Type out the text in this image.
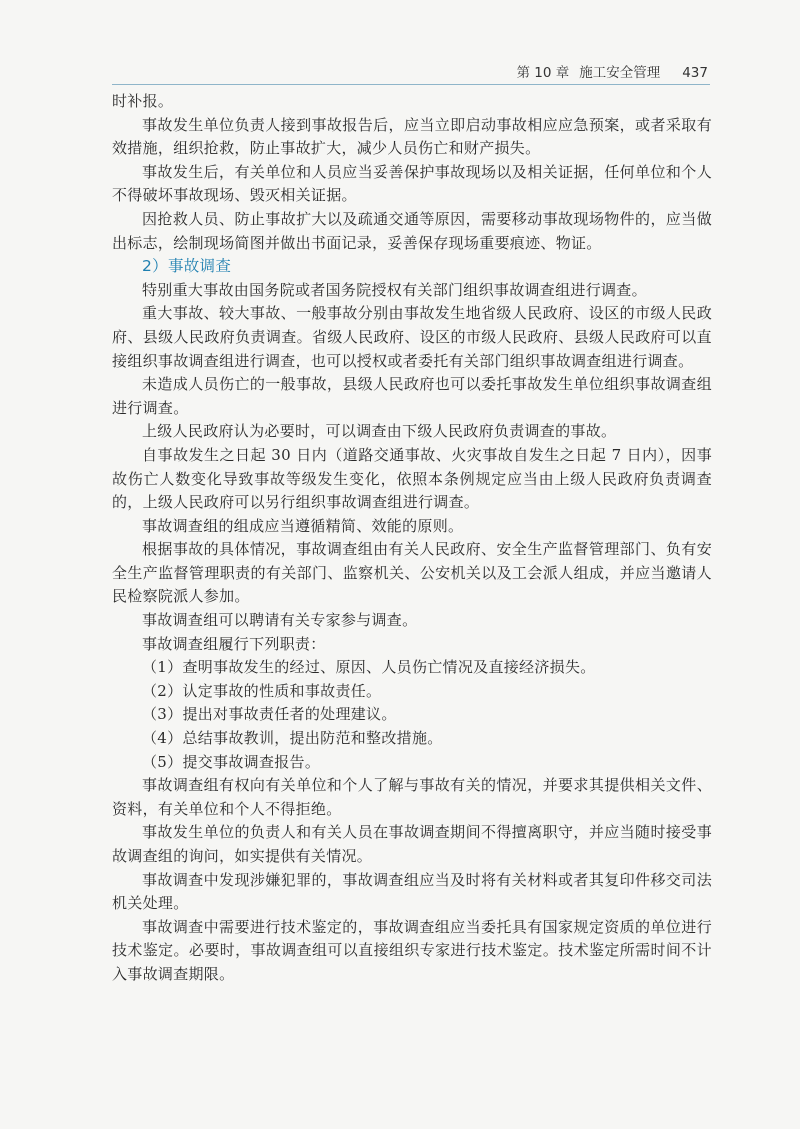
第 10 章 施工安全管理 437

时补报。

事故发生单位负责人接到事故报告后，应当立即启动事故相应应急预案，或者采取有效措施，组织抢救，防止事故扩大，减少人员伤亡和财产损失。

事故发生后，有关单位和人员应当妥善保护事故现场以及相关证据，任何单位和个人不得破坏事故现场、毁灭相关证据。

因抢救人员、防止事故扩大以及疏通交通等原因，需要移动事故现场物件的，应当做出标志，绘制现场简图并做出书面记录，妥善保存现场重要痕迹、物证。

2）事故调查

特别重大事故由国务院或者国务院授权有关部门组织事故调查组进行调查。

重大事故、较大事故、一般事故分别由事故发生地省级人民政府、设区的市级人民政府、县级人民政府负责调查。省级人民政府、设区的市级人民政府、县级人民政府可以直接组织事故调查组进行调查，也可以授权或者委托有关部门组织事故调查组进行调查。

未造成人员伤亡的一般事故，县级人民政府也可以委托事故发生单位组织事故调查组进行调查。

上级人民政府认为必要时，可以调查由下级人民政府负责调查的事故。

自事故发生之日起 30 日内（道路交通事故、火灾事故自发生之日起 7 日内），因事故伤亡人数变化导致事故等级发生变化，依照本条例规定应当由上级人民政府负责调查的，上级人民政府可以另行组织事故调查组进行调查。

事故调查组的组成应当遵循精简、效能的原则。

根据事故的具体情况，事故调查组由有关人民政府、安全生产监督管理部门、负有安全生产监督管理职责的有关部门、监察机关、公安机关以及工会派人组成，并应当邀请人民检察院派人参加。

事故调查组可以聘请有关专家参与调查。

事故调查组履行下列职责：

（1）查明事故发生的经过、原因、人员伤亡情况及直接经济损失。

（2）认定事故的性质和事故责任。

（3）提出对事故责任者的处理建议。

（4）总结事故教训，提出防范和整改措施。

（5）提交事故调查报告。

事故调查组有权向有关单位和个人了解与事故有关的情况，并要求其提供相关文件、资料，有关单位和个人不得拒绝。

事故发生单位的负责人和有关人员在事故调查期间不得擅离职守，并应当随时接受事故调查组的询问，如实提供有关情况。

事故调查中发现涉嫌犯罪的，事故调查组应当及时将有关材料或者其复印件移交司法机关处理。

事故调查中需要进行技术鉴定的，事故调查组应当委托具有国家规定资质的单位进行技术鉴定。必要时，事故调查组可以直接组织专家进行技术鉴定。技术鉴定所需时间不计入事故调查期限。
